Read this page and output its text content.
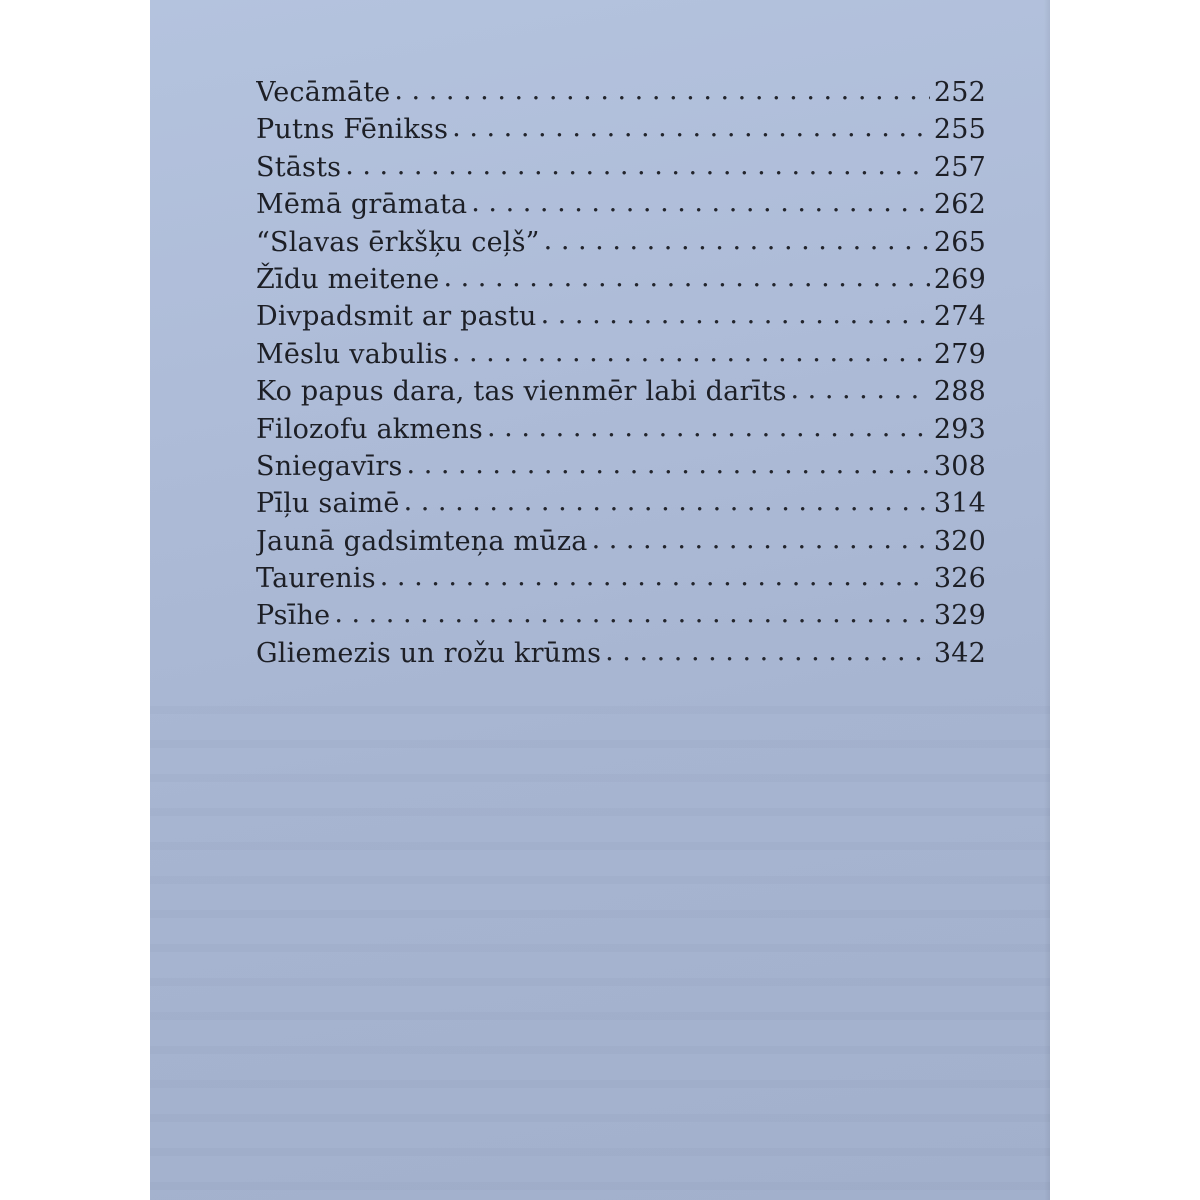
Vecāmāte . . .	252
Putns Fēnikss . . .	255
Stāsts . . .	257
Mēmā grāmata . . .	262
“Slavas ērkšķu ceļš” . . .	265
Žīdu meitene . . .	269
Divpadsmit ar pastu . . .	274
Mēslu vabulis . . .	279
Ko papus dara, tas vienmēr labi darīts . . .	288
Filozofu akmens . . .	293
Sniegavīrs . . .	308
Pīļu saimē . . .	314
Jaunā gadsimteņa mūza . . .	320
Taurenis . . .	326
Psīhe . . .	329
Gliemezis un rožu krūms . . .	342
